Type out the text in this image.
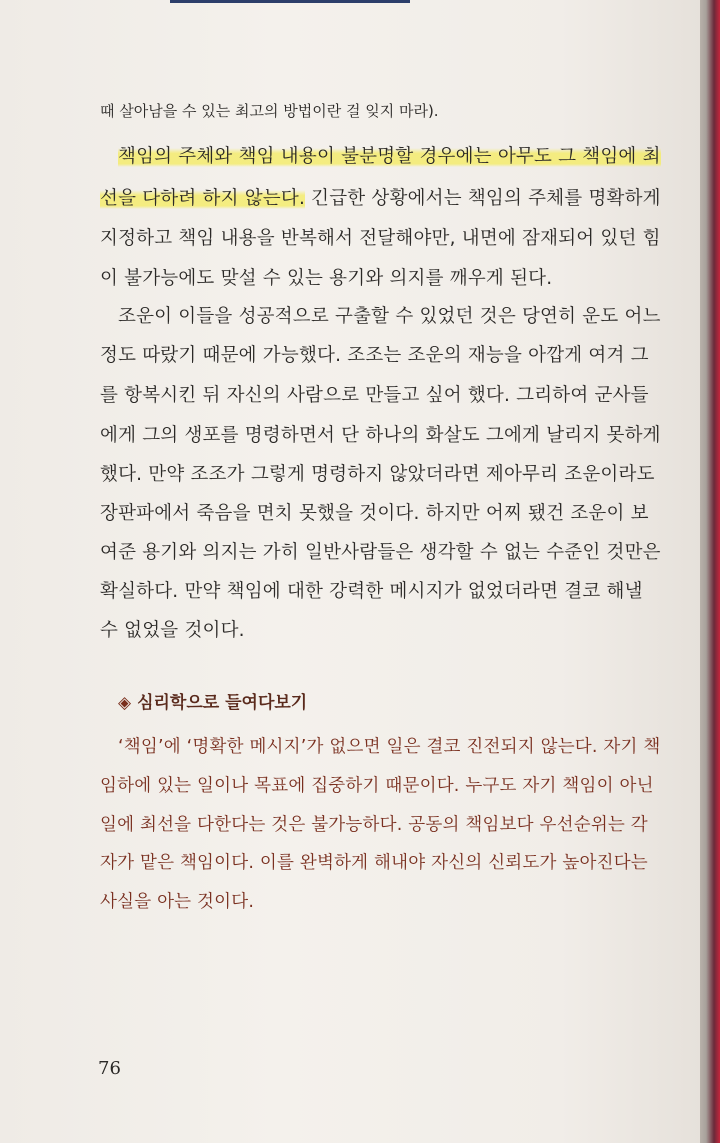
때 살아남을 수 있는 최고의 방법이란 걸 잊지 마라).
책임의 주체와 책임 내용이 불분명할 경우에는 아무도 그 책임에 최
선을 다하려 하지 않는다. 긴급한 상황에서는 책임의 주체를 명확하게
지정하고 책임 내용을 반복해서 전달해야만, 내면에 잠재되어 있던 힘
이 불가능에도 맞설 수 있는 용기와 의지를 깨우게 된다.
조운이 이들을 성공적으로 구출할 수 있었던 것은 당연히 운도 어느
정도 따랐기 때문에 가능했다. 조조는 조운의 재능을 아깝게 여겨 그
를 항복시킨 뒤 자신의 사람으로 만들고 싶어 했다. 그리하여 군사들
에게 그의 생포를 명령하면서 단 하나의 화살도 그에게 날리지 못하게
했다. 만약 조조가 그렇게 명령하지 않았더라면 제아무리 조운이라도
장판파에서 죽음을 면치 못했을 것이다. 하지만 어찌 됐건 조운이 보
여준 용기와 의지는 가히 일반사람들은 생각할 수 없는 수준인 것만은
확실하다. 만약 책임에 대한 강력한 메시지가 없었더라면 결코 해낼
수 없었을 것이다.
◈ 심리학으로 들여다보기
‘책임’에 ‘명확한 메시지’가 없으면 일은 결코 진전되지 않는다. 자기 책
임하에 있는 일이나 목표에 집중하기 때문이다. 누구도 자기 책임이 아닌
일에 최선을 다한다는 것은 불가능하다. 공동의 책임보다 우선순위는 각
자가 맡은 책임이다. 이를 완벽하게 해내야 자신의 신뢰도가 높아진다는
사실을 아는 것이다.
76
